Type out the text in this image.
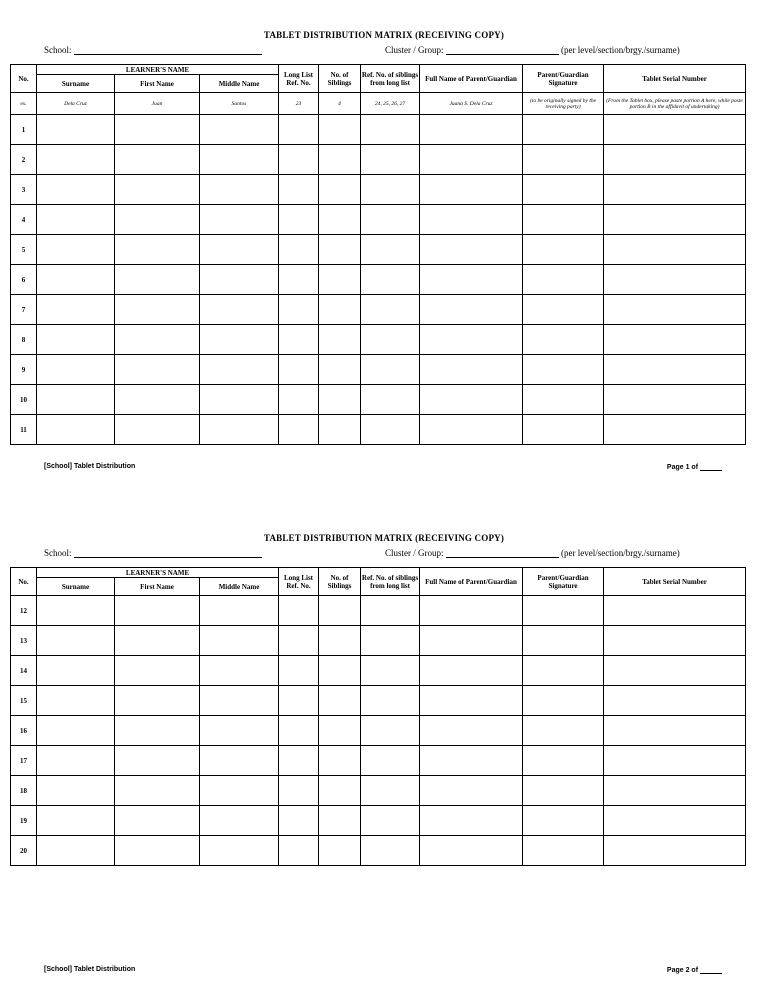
TABLET DISTRIBUTION MATRIX (RECEIVING COPY)
School:	Cluster / Group:	(per level/section/brgy./surname)
No.	LEARNER'S NAME			Long List Ref. No.	No. of Siblings	Ref. No. of siblings from long list	Full Name of Parent/Guardian	Parent/Guardian Signature	Tablet Serial Number
	Surname	First Name	Middle Name						
ex.	Dela Cruz	Juan	Santos	23	4	24, 25, 26, 27	Juana S. Dela Cruz	(to be originally signed by the receiving party)	(From the Tablet box, please paste portion A here, while paste portion B in the affidavit of undertaking)
1									
2									
3									
4									
5									
6									
7									
8									
9									
10									
11									
[School] Tablet Distribution	Page 1 of
TABLET DISTRIBUTION MATRIX (RECEIVING COPY)
School:	Cluster / Group:	(per level/section/brgy./surname)
No.	LEARNER'S NAME			Long List Ref. No.	No. of Siblings	Ref. No. of siblings from long list	Full Name of Parent/Guardian	Parent/Guardian Signature	Tablet Serial Number
	Surname	First Name	Middle Name						
12									
13									
14									
15									
16									
17									
18									
19									
20									
[School] Tablet Distribution	Page 2 of
